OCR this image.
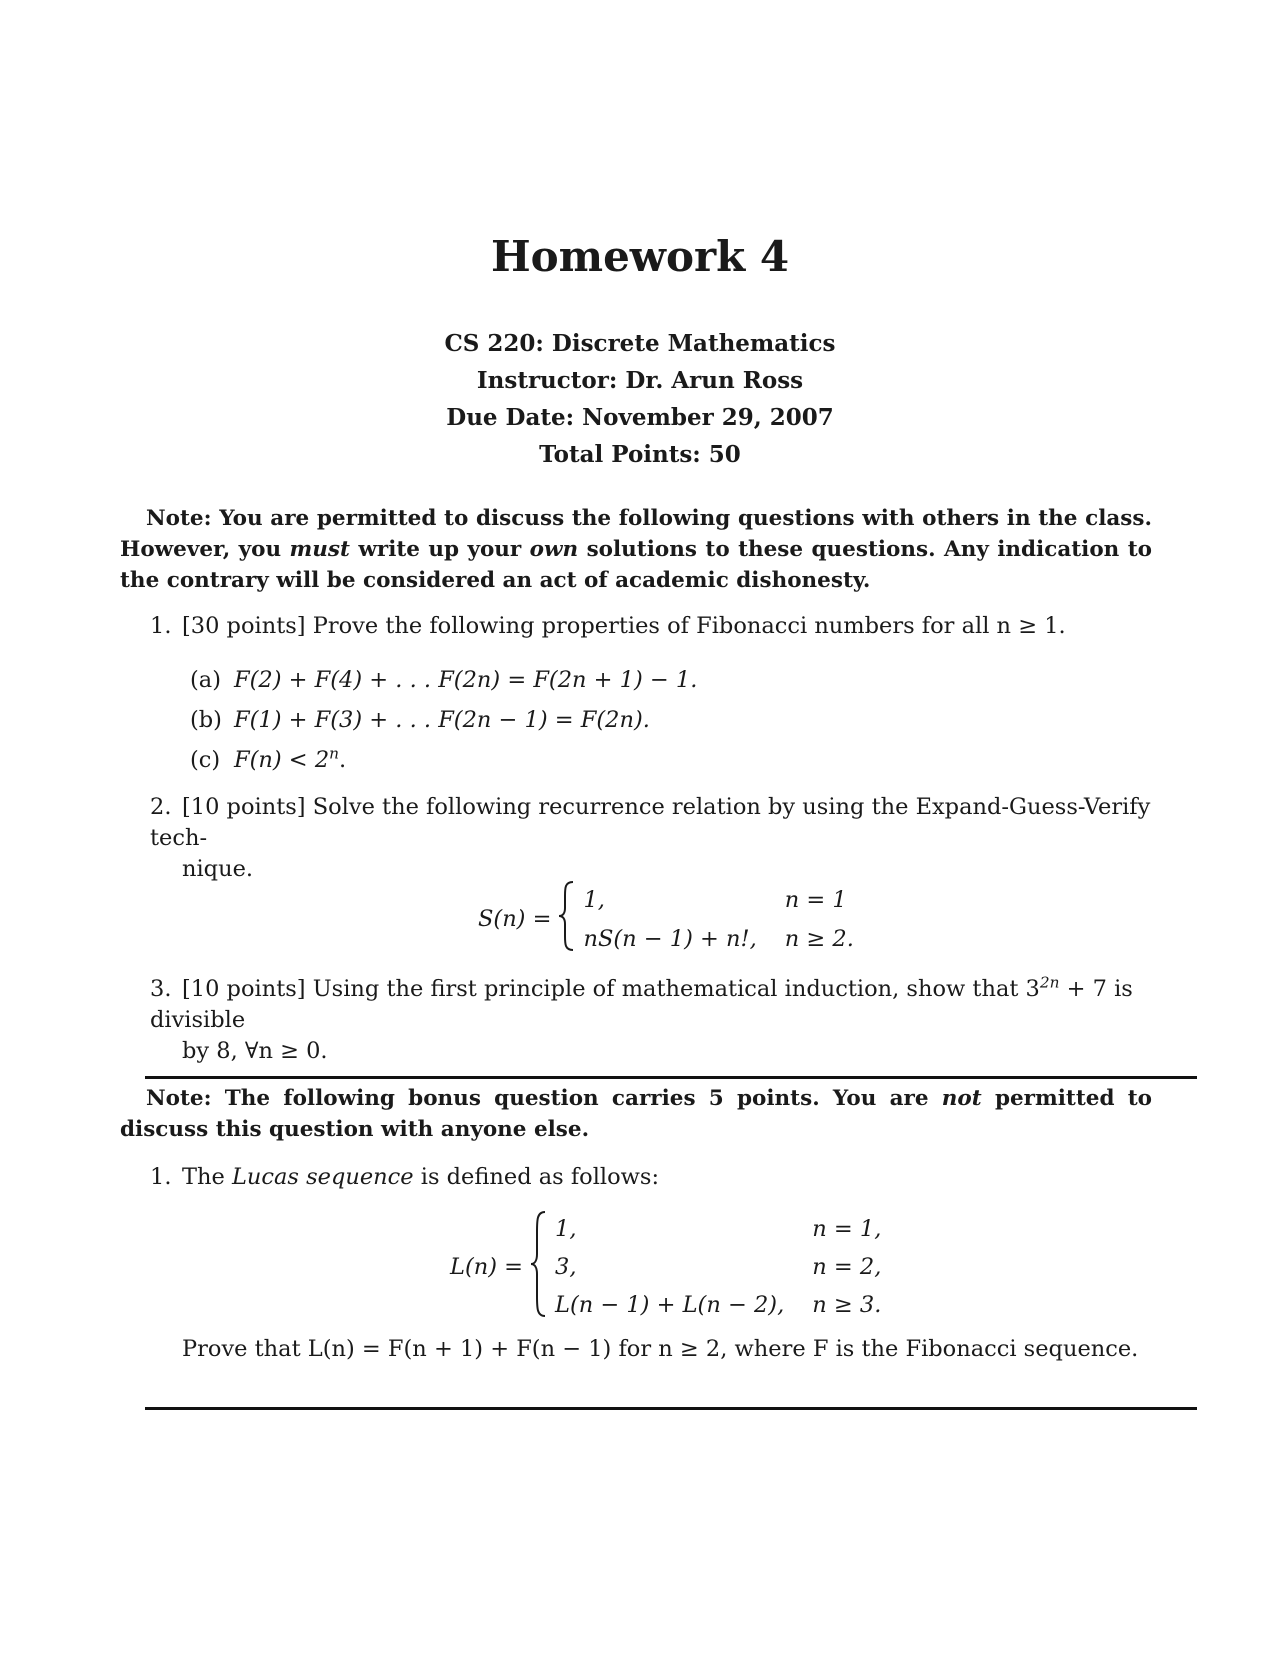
Homework 4
CS 220: Discrete Mathematics
Instructor: Dr. Arun Ross
Due Date: November 29, 2007
Total Points: 50
Note: You are permitted to discuss the following questions with others in the class. However, you must write up your own solutions to these questions. Any indication to the contrary will be considered an act of academic dishonesty.
1. [30 points] Prove the following properties of Fibonacci numbers for all n ≥ 1.
(a) F(2) + F(4) + . . . F(2n) = F(2n + 1) − 1.
(b) F(1) + F(3) + . . . F(2n − 1) = F(2n).
(c) $F(n) < 2^n$.
2. [10 points] Solve the following recurrence relation by using the Expand-Guess-Verify tech-
nique.
S(n) =		1,	n = 1
		nS(n − 1) + n!,	n ≥ 2.
3. [10 points] Using the first principle of mathematical induction, show that $3^{2n} + 7$ is divisible
by 8, ∀n ≥ 0.
Note: The following bonus question carries 5 points. You are not permitted to discuss this question with anyone else.
1. The Lucas sequence is defined as follows:
L(n) =		1,	n = 1,
		3,	n = 2,
		L(n − 1) + L(n − 2),	n ≥ 3.
Prove that L(n) = F(n + 1) + F(n − 1) for n ≥ 2, where F is the Fibonacci sequence.
